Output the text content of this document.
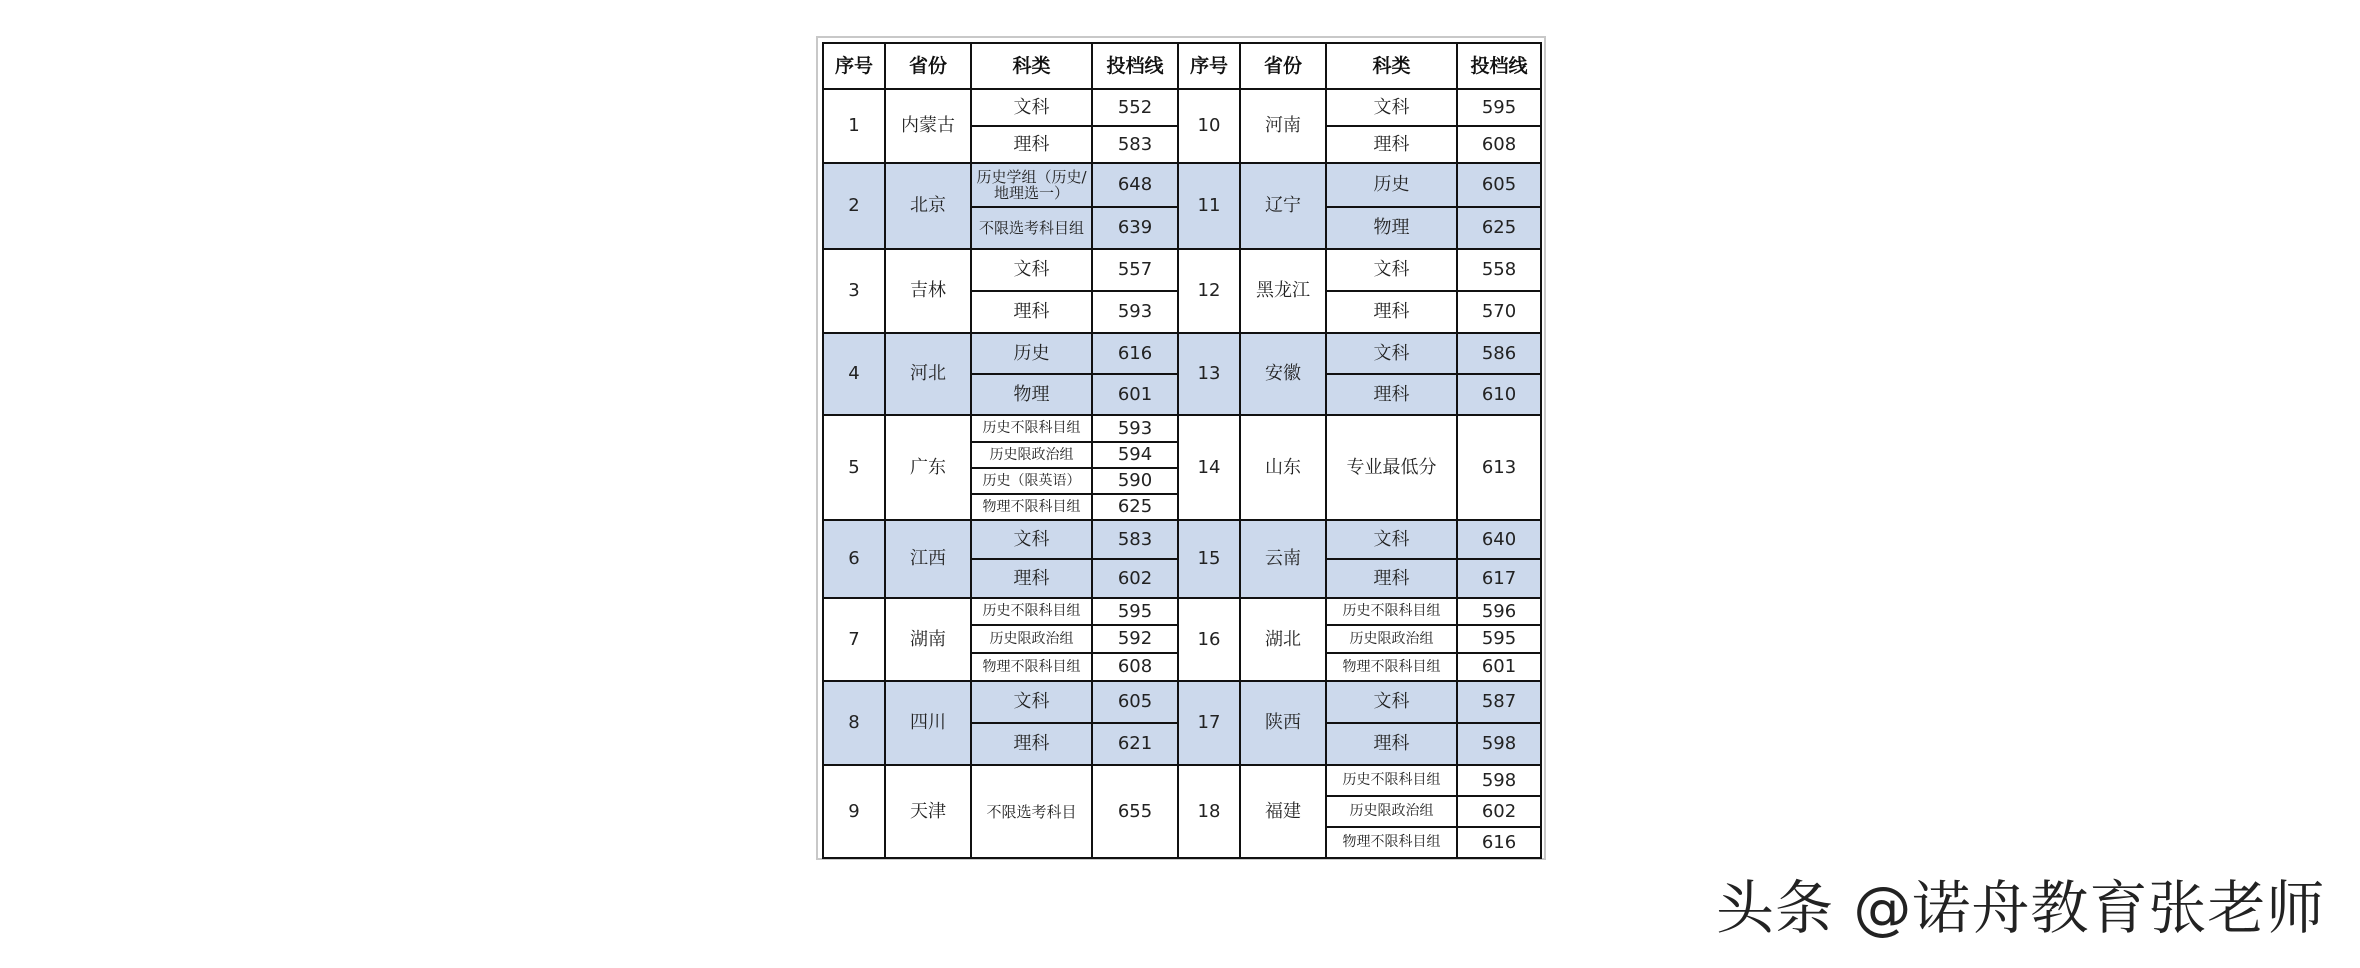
序号	省份	科类	投档线	序号	省份	科类	投档线
1	内蒙古	文科	552	10	河南	文科	595
		理科	583			理科	608
2	北京	历史学组（历史/地理选一）	648	11	辽宁	历史	605
		不限选考科目组	639			物理	625
3	吉林	文科	557	12	黑龙江	文科	558
		理科	593			理科	570
4	河北	历史	616	13	安徽	文科	586
		物理	601			理科	610
5	广东	历史不限科目组	593	14	山东	专业最低分	613
		历史限政治组	594				
		历史（限英语）	590				
		物理不限科目组	625				
6	江西	文科	583	15	云南	文科	640
		理科	602			理科	617
7	湖南	历史不限科目组	595	16	湖北	历史不限科目组	596
		历史限政治组	592			历史限政治组	595
		物理不限科目组	608			物理不限科目组	601
8	四川	文科	605	17	陕西	文科	587
		理科	621			理科	598
9	天津	不限选考科目	655	18	福建	历史不限科目组	598
						历史限政治组	602
						物理不限科目组	616
头条 @诺舟教育张老师
